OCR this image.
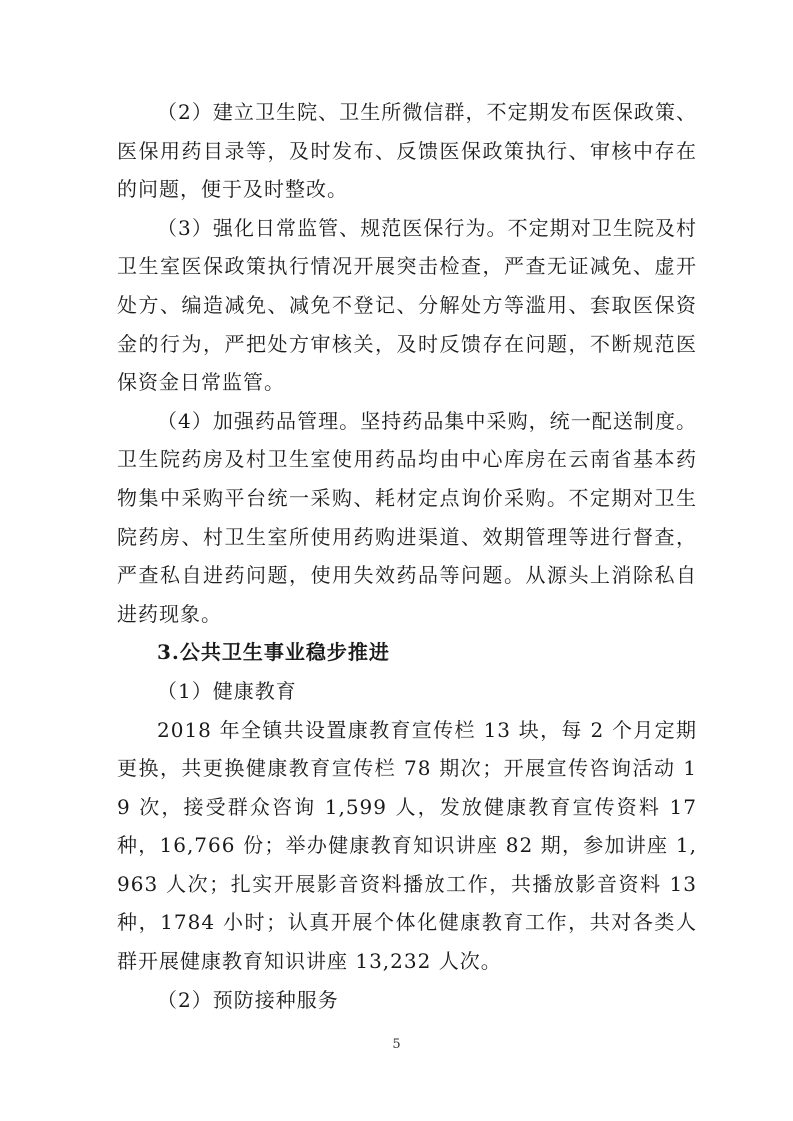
（2）建立卫生院、卫生所微信群，不定期发布医保政策、医保用药目录等，及时发布、反馈医保政策执行、审核中存在的问题，便于及时整改。

（3）强化日常监管、规范医保行为。不定期对卫生院及村卫生室医保政策执行情况开展突击检查，严查无证减免、虚开处方、编造减免、减免不登记、分解处方等滥用、套取医保资金的行为，严把处方审核关，及时反馈存在问题，不断规范医保资金日常监管。

（4）加强药品管理。坚持药品集中采购，统一配送制度。卫生院药房及村卫生室使用药品均由中心库房在云南省基本药物集中采购平台统一采购、耗材定点询价采购。不定期对卫生院药房、村卫生室所使用药购进渠道、效期管理等进行督查，严查私自进药问题，使用失效药品等问题。从源头上消除私自进药现象。

3.公共卫生事业稳步推进

（1）健康教育

2018 年全镇共设置康教育宣传栏 13 块，每 2 个月定期更换，共更换健康教育宣传栏 78 期次；开展宣传咨询活动 19 次，接受群众咨询 1,599 人，发放健康教育宣传资料 17 种，16,766 份；举办健康教育知识讲座 82 期，参加讲座 1,963 人次；扎实开展影音资料播放工作，共播放影音资料 13 种，1784 小时；认真开展个体化健康教育工作，共对各类人群开展健康教育知识讲座 13,232 人次。

（2）预防接种服务

5
